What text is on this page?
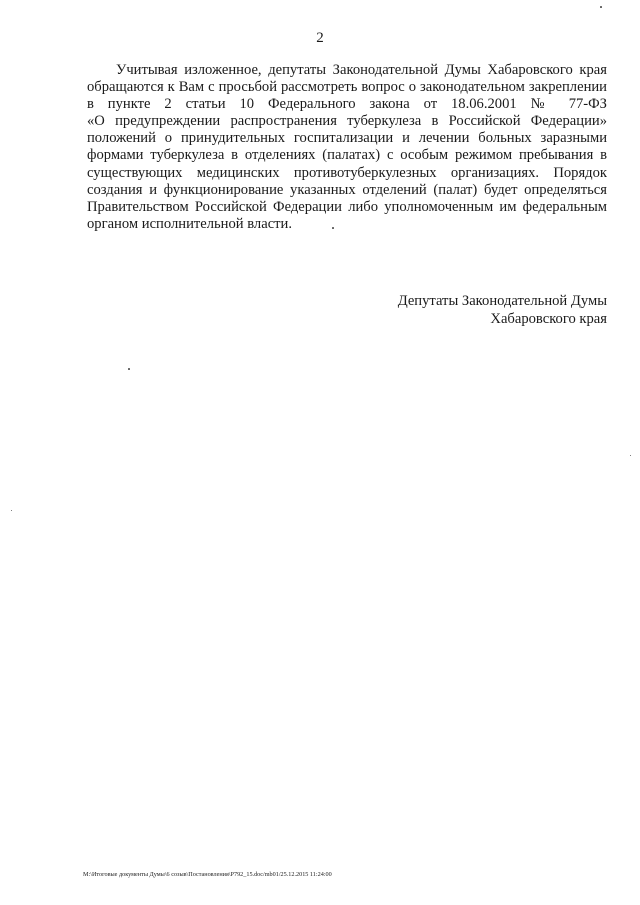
2
Учитывая изложенное, депутаты Законодательной Думы Хабаровского края
обращаются к Вам с просьбой рассмотреть вопрос о законодательном закреплении
в пункте 2 статьи 10 Федерального закона от 18.06.2001 № 77-ФЗ
«О предупреждении распространения туберкулеза в Российской Федерации»
положений о принудительных госпитализации и лечении больных заразными
формами туберкулеза в отделениях (палатах) с особым режимом пребывания в
существующих медицинских противотуберкулезных организациях. Порядок
создания и функционирование указанных отделений (палат) будет определяться
Правительством Российской Федерации либо уполномоченным им федеральным
органом исполнительной власти.
Депутаты Законодательной Думы
Хабаровского края
М:\Итоговые документы Думы\6 созыв\Постановления\Р792_15.doc/mb01/25.12.2015 11:24:00
